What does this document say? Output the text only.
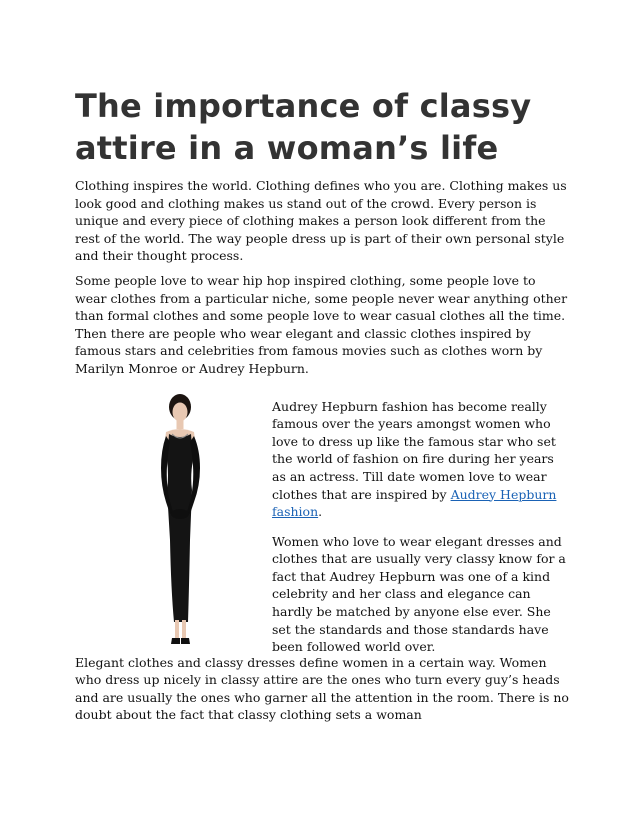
The importance of classy attire in a woman’s life

Clothing inspires the world. Clothing defines who you are. Clothing makes us look good and clothing makes us stand out of the crowd. Every person is unique and every piece of clothing makes a person look different from the rest of the world. The way people dress up is part of their own personal style and their thought process.

Some people love to wear hip hop inspired clothing, some people love to wear clothes from a particular niche, some people never wear anything other than formal clothes and some people love to wear casual clothes all the time. Then there are people who wear elegant and classic clothes inspired by famous stars and celebrities from famous movies such as clothes worn by Marilyn Monroe or Audrey Hepburn.

Audrey Hepburn fashion has become really famous over the years amongst women who love to dress up like the famous star who set the world of fashion on fire during her years as an actress. Till date women love to wear clothes that are inspired by Audrey Hepburn fashion.

Women who love to wear elegant dresses and clothes that are usually very classy know for a fact that Audrey Hepburn was one of a kind celebrity and her class and elegance can hardly be matched by anyone else ever. She set the standards and those standards have been followed world over.

Elegant clothes and classy dresses define women in a certain way. Women who dress up nicely in classy attire are the ones who turn every guy’s heads and are usually the ones who garner all the attention in the room. There is no doubt about the fact that classy clothing sets a woman
